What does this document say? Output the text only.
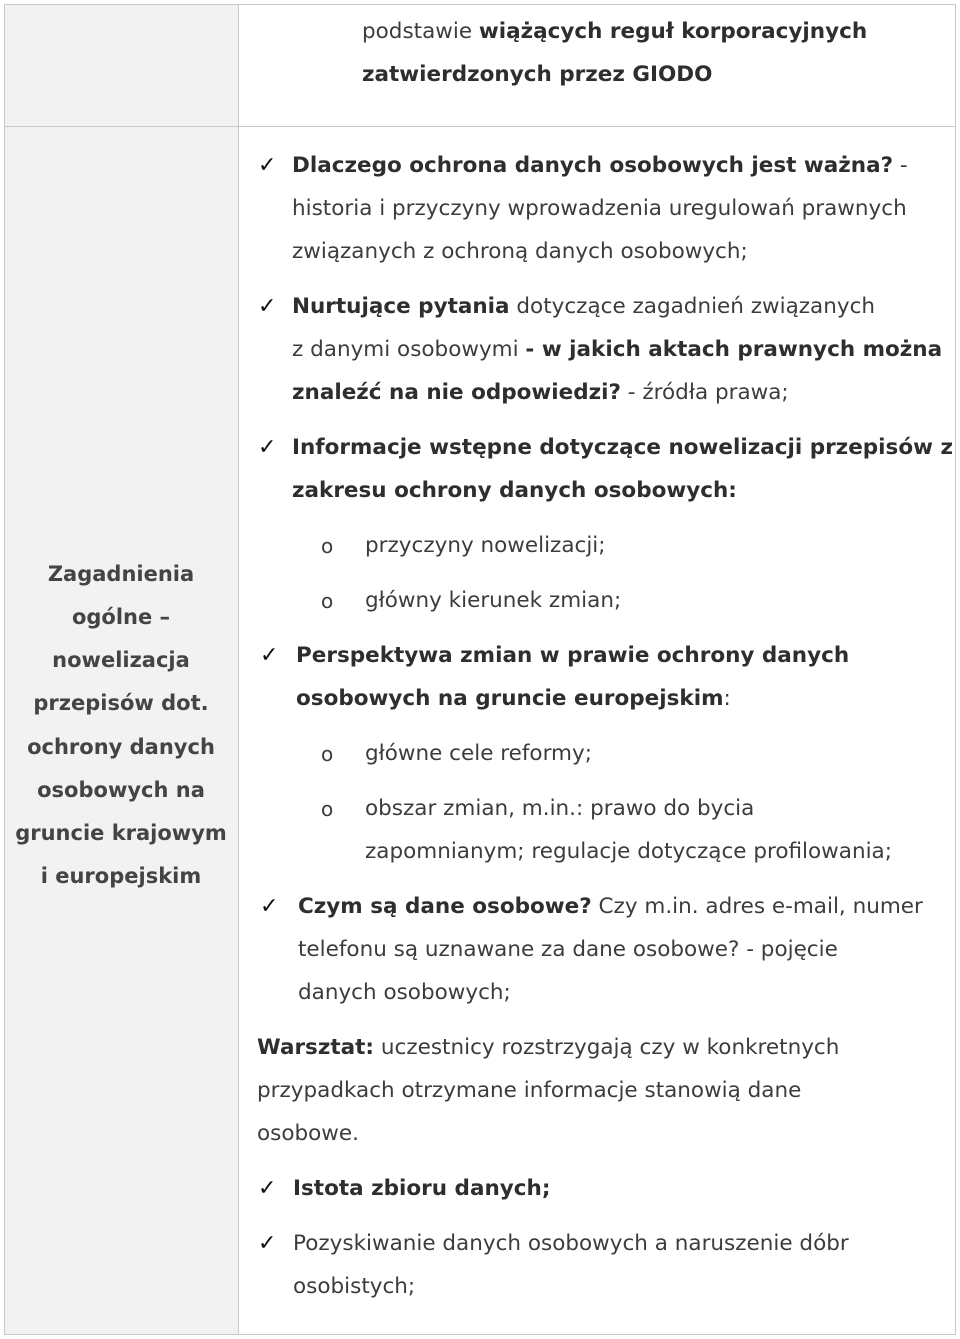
podstawie wiążących reguł korporacyjnych
zatwierdzonych przez GIODO
Zagadnienia
ogólne –
nowelizacja
przepisów dot.
ochrony danych
osobowych na
gruncie krajowym
i europejskim
✓ Dlaczego ochrona danych osobowych jest ważna? -
historia i przyczyny wprowadzenia uregulowań prawnych
związanych z ochroną danych osobowych;
✓ Nurtujące pytania dotyczące zagadnień związanych
z danymi osobowymi - w jakich aktach prawnych można
znaleźć na nie odpowiedzi? - źródła prawa;
✓ Informacje wstępne dotyczące nowelizacji przepisów z
zakresu ochrony danych osobowych:
o przyczyny nowelizacji;
o główny kierunek zmian;
✓ Perspektywa zmian w prawie ochrony danych
osobowych na gruncie europejskim:
o główne cele reformy;
o obszar zmian, m.in.: prawo do bycia
zapomnianym; regulacje dotyczące profilowania;
✓ Czym są dane osobowe? Czy m.in. adres e-mail, numer
telefonu są uznawane za dane osobowe? - pojęcie
danych osobowych;
Warsztat: uczestnicy rozstrzygają czy w konkretnych
przypadkach otrzymane informacje stanowią dane
osobowe.
✓ Istota zbioru danych;
✓ Pozyskiwanie danych osobowych a naruszenie dóbr
osobistych;
